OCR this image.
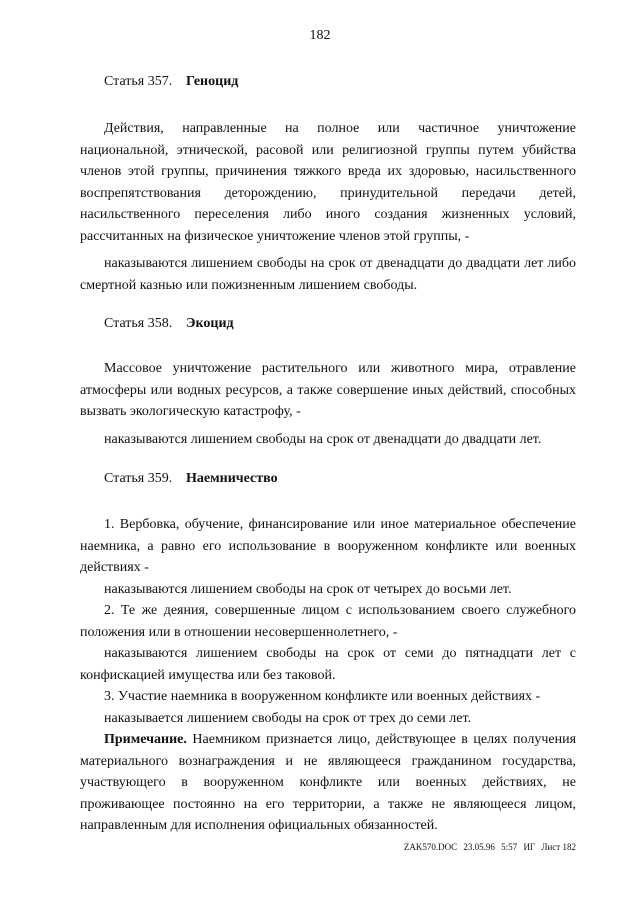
182
Статья 357. Геноцид

Действия, направленные на полное или частичное уничтожение национальной, этнической, расовой или религиозной группы путем убийства членов этой группы, причинения тяжкого вреда их здоровью, насильственного воспрепятствования деторождению, принудительной передачи детей, насильственного переселения либо иного создания жизненных условий, рассчитанных на физическое уничтожение членов этой группы, -

наказываются лишением свободы на срок от двенадцати до двадцати лет либо смертной казнью или пожизненным лишением свободы.

Статья 358. Экоцид

Массовое уничтожение растительного или животного мира, отравление атмосферы или водных ресурсов, а также совершение иных действий, способных вызвать экологическую катастрофу, -

наказываются лишением свободы на срок от двенадцати до двадцати лет.

Статья 359. Наемничество

1. Вербовка, обучение, финансирование или иное материальное обеспечение наемника, а равно его использование в вооруженном конфликте или военных действиях -

наказываются лишением свободы на срок от четырех до восьми лет.

2. Те же деяния, совершенные лицом с использованием своего служебного положения или в отношении несовершеннолетнего, -

наказываются лишением свободы на срок от семи до пятнадцати лет с конфискацией имущества или без таковой.

3. Участие наемника в вооруженном конфликте или военных действиях -

наказывается лишением свободы на срок от трех до семи лет.

Примечание. Наемником признается лицо, действующее в целях получения материального вознаграждения и не являющееся гражданином государства, участвующего в вооруженном конфликте или военных действиях, не проживающее постоянно на его территории, а также не являющееся лицом, направленным для исполнения официальных обязанностей.

ZAK570.DOC 23.05.96 5:57 ИГ Лист 182
